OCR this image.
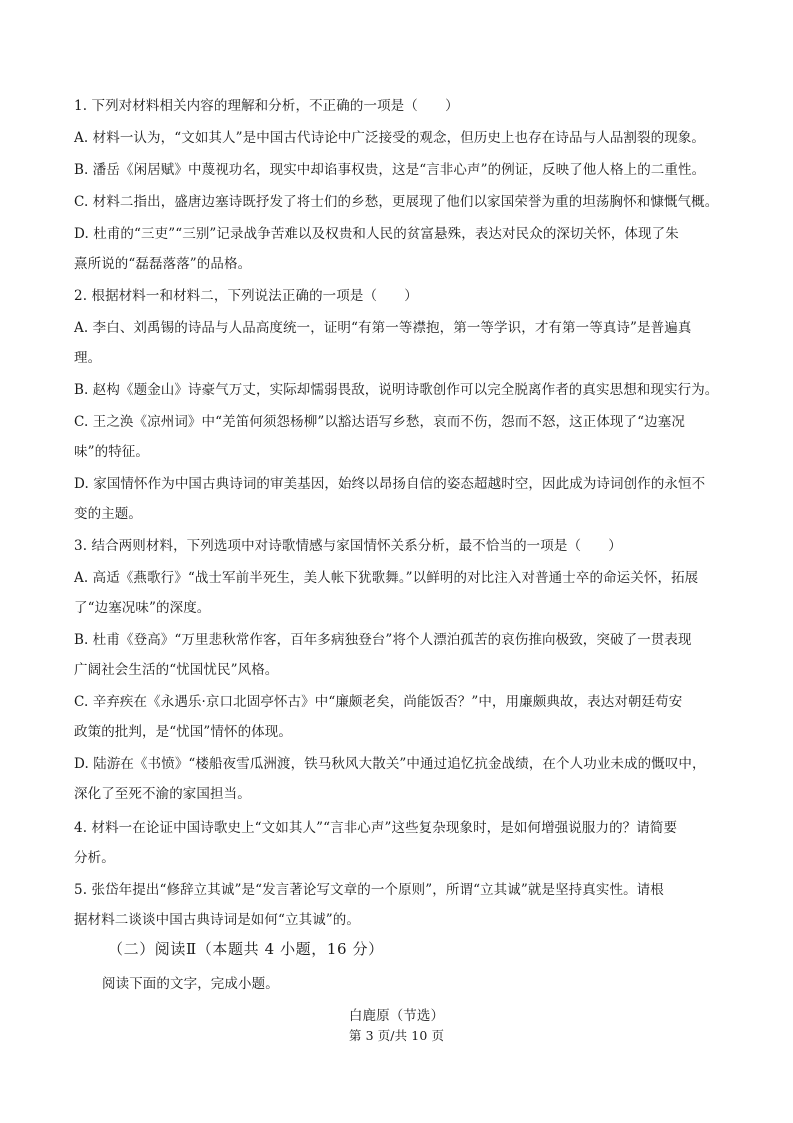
1. 下列对材料相关内容的理解和分析，不正确的一项是（　　）
A. 材料一认为，“文如其人”是中国古代诗论中广泛接受的观念，但历史上也存在诗品与人品割裂的现象。
B. 潘岳《闲居赋》中蔑视功名，现实中却谄事权贵，这是“言非心声”的例证，反映了他人格上的二重性。
C. 材料二指出，盛唐边塞诗既抒发了将士们的乡愁，更展现了他们以家国荣誉为重的坦荡胸怀和慷慨气概。
D. 杜甫的“三吏”“三别”记录战争苦难以及权贵和人民的贫富悬殊，表达对民众的深切关怀，体现了朱
熹所说的“磊磊落落”的品格。
2. 根据材料一和材料二，下列说法正确的一项是（　　）
A. 李白、刘禹锡的诗品与人品高度统一，证明“有第一等襟抱，第一等学识，才有第一等真诗”是普遍真
理。
B. 赵构《题金山》诗豪气万丈，实际却懦弱畏敌，说明诗歌创作可以完全脱离作者的真实思想和现实行为。
C. 王之涣《凉州词》中“羌笛何须怨杨柳”以豁达语写乡愁，哀而不伤，怨而不怒，这正体现了“边塞况
味”的特征。
D. 家国情怀作为中国古典诗词的审美基因，始终以昂扬自信的姿态超越时空，因此成为诗词创作的永恒不
变的主题。
3. 结合两则材料，下列选项中对诗歌情感与家国情怀关系分析，最不恰当的一项是（　　）
A. 高适《燕歌行》“战士军前半死生，美人帐下犹歌舞。”以鲜明的对比注入对普通士卒的命运关怀，拓展
了“边塞况味”的深度。
B. 杜甫《登高》“万里悲秋常作客，百年多病独登台”将个人漂泊孤苦的哀伤推向极致，突破了一贯表现
广阔社会生活的“忧国忧民”风格。
C. 辛弃疾在《永遇乐·京口北固亭怀古》中“廉颇老矣，尚能饭否？”中，用廉颇典故，表达对朝廷苟安
政策的批判，是“忧国”情怀的体现。
D. 陆游在《书愤》“楼船夜雪瓜洲渡，铁马秋风大散关”中通过追忆抗金战绩，在个人功业未成的慨叹中，
深化了至死不渝的家国担当。
4. 材料一在论证中国诗歌史上“文如其人”“言非心声”这些复杂现象时，是如何增强说服力的？请简要
分析。
5. 张岱年提出“修辞立其诚”是“发言著论写文章的一个原则”，所谓“立其诚”就是坚持真实性。请根
据材料二谈谈中国古典诗词是如何“立其诚”的。
（二）阅读Ⅱ（本题共 4 小题，16 分）
阅读下面的文字，完成小题。
白鹿原（节选）
第 3 页/共 10 页
